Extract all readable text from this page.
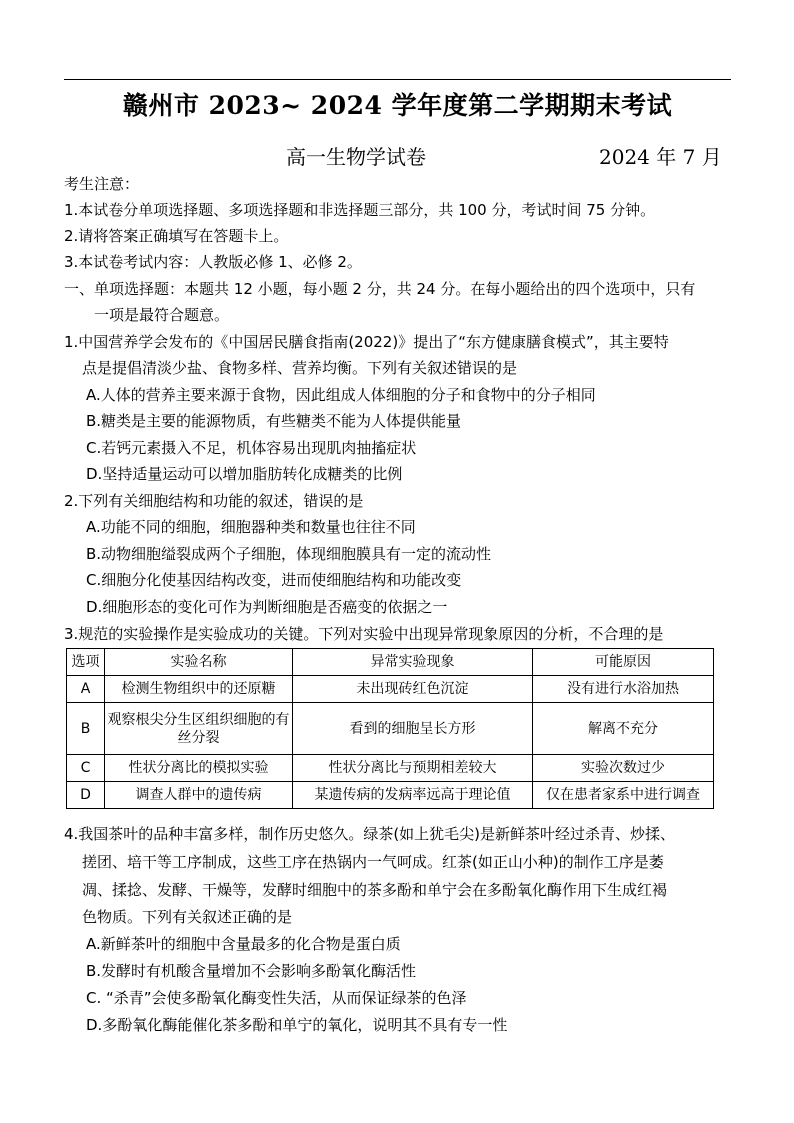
赣州市 2023~ 2024 学年度第二学期期末考试
高一生物学试卷	2024 年 7 月
考生注意：
1.本试卷分单项选择题、多项选择题和非选择题三部分，共 100 分，考试时间 75 分钟。
2.请将答案正确填写在答题卡上。
3.本试卷考试内容：人教版必修 1、必修 2。
一、单项选择题：本题共 12 小题，每小题 2 分，共 24 分。在每小题给出的四个选项中，只有
一项是最符合题意。
1.中国营养学会发布的《中国居民膳食指南(2022)》提出了“东方健康膳食模式”，其主要特
点是提倡清淡少盐、食物多样、营养均衡。下列有关叙述错误的是
A.人体的营养主要来源于食物，因此组成人体细胞的分子和食物中的分子相同
B.糖类是主要的能源物质，有些糖类不能为人体提供能量
C.若钙元素摄入不足，机体容易出现肌肉抽搐症状
D.坚持适量运动可以增加脂肪转化成糖类的比例
2.下列有关细胞结构和功能的叙述，错误的是
A.功能不同的细胞，细胞器种类和数量也往往不同
B.动物细胞缢裂成两个子细胞，体现细胞膜具有一定的流动性
C.细胞分化使基因结构改变，进而使细胞结构和功能改变
D.细胞形态的变化可作为判断细胞是否癌变的依据之一
3.规范的实验操作是实验成功的关键。下列对实验中出现异常现象原因的分析，不合理的是
选项	实验名称	异常实验现象	可能原因
A	检测生物组织中的还原糖	未出现砖红色沉淀	没有进行水浴加热
B	观察根尖分生区组织细胞的有丝分裂	看到的细胞呈长方形	解离不充分
C	性状分离比的模拟实验	性状分离比与预期相差较大	实验次数过少
D	调查人群中的遗传病	某遗传病的发病率远高于理论值	仅在患者家系中进行调查
4.我国茶叶的品种丰富多样，制作历史悠久。绿茶(如上犹毛尖)是新鲜茶叶经过杀青、炒揉、
搓团、培干等工序制成，这些工序在热锅内一气呵成。红茶(如正山小种)的制作工序是萎
凋、揉捻、发酵、干燥等，发酵时细胞中的茶多酚和单宁会在多酚氧化酶作用下生成红褐
色物质。下列有关叙述正确的是
A.新鲜茶叶的细胞中含量最多的化合物是蛋白质
B.发酵时有机酸含量增加不会影响多酚氧化酶活性
C. “杀青”会使多酚氧化酶变性失活，从而保证绿茶的色泽
D.多酚氧化酶能催化茶多酚和单宁的氧化，说明其不具有专一性
